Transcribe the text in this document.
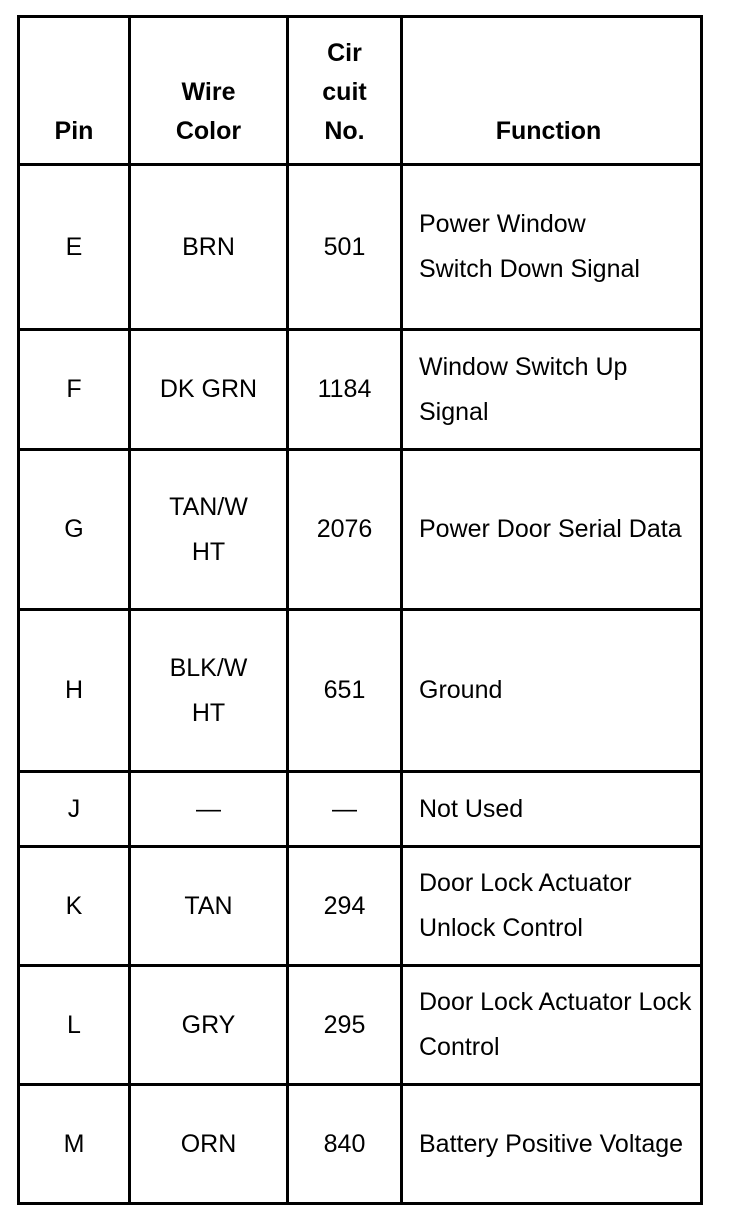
Pin	Wire Color	Cir cuit No.	Function
E	BRN	501	Power Window Switch Down Signal
F	DK GRN	1184	Window Switch Up Signal
G	TAN/W HT	2076	Power Door Serial Data
H	BLK/W HT	651	Ground
J	—	—	Not Used
K	TAN	294	Door Lock Actuator Unlock Control
L	GRY	295	Door Lock Actuator Lock Control
M	ORN	840	Battery Positive Voltage
